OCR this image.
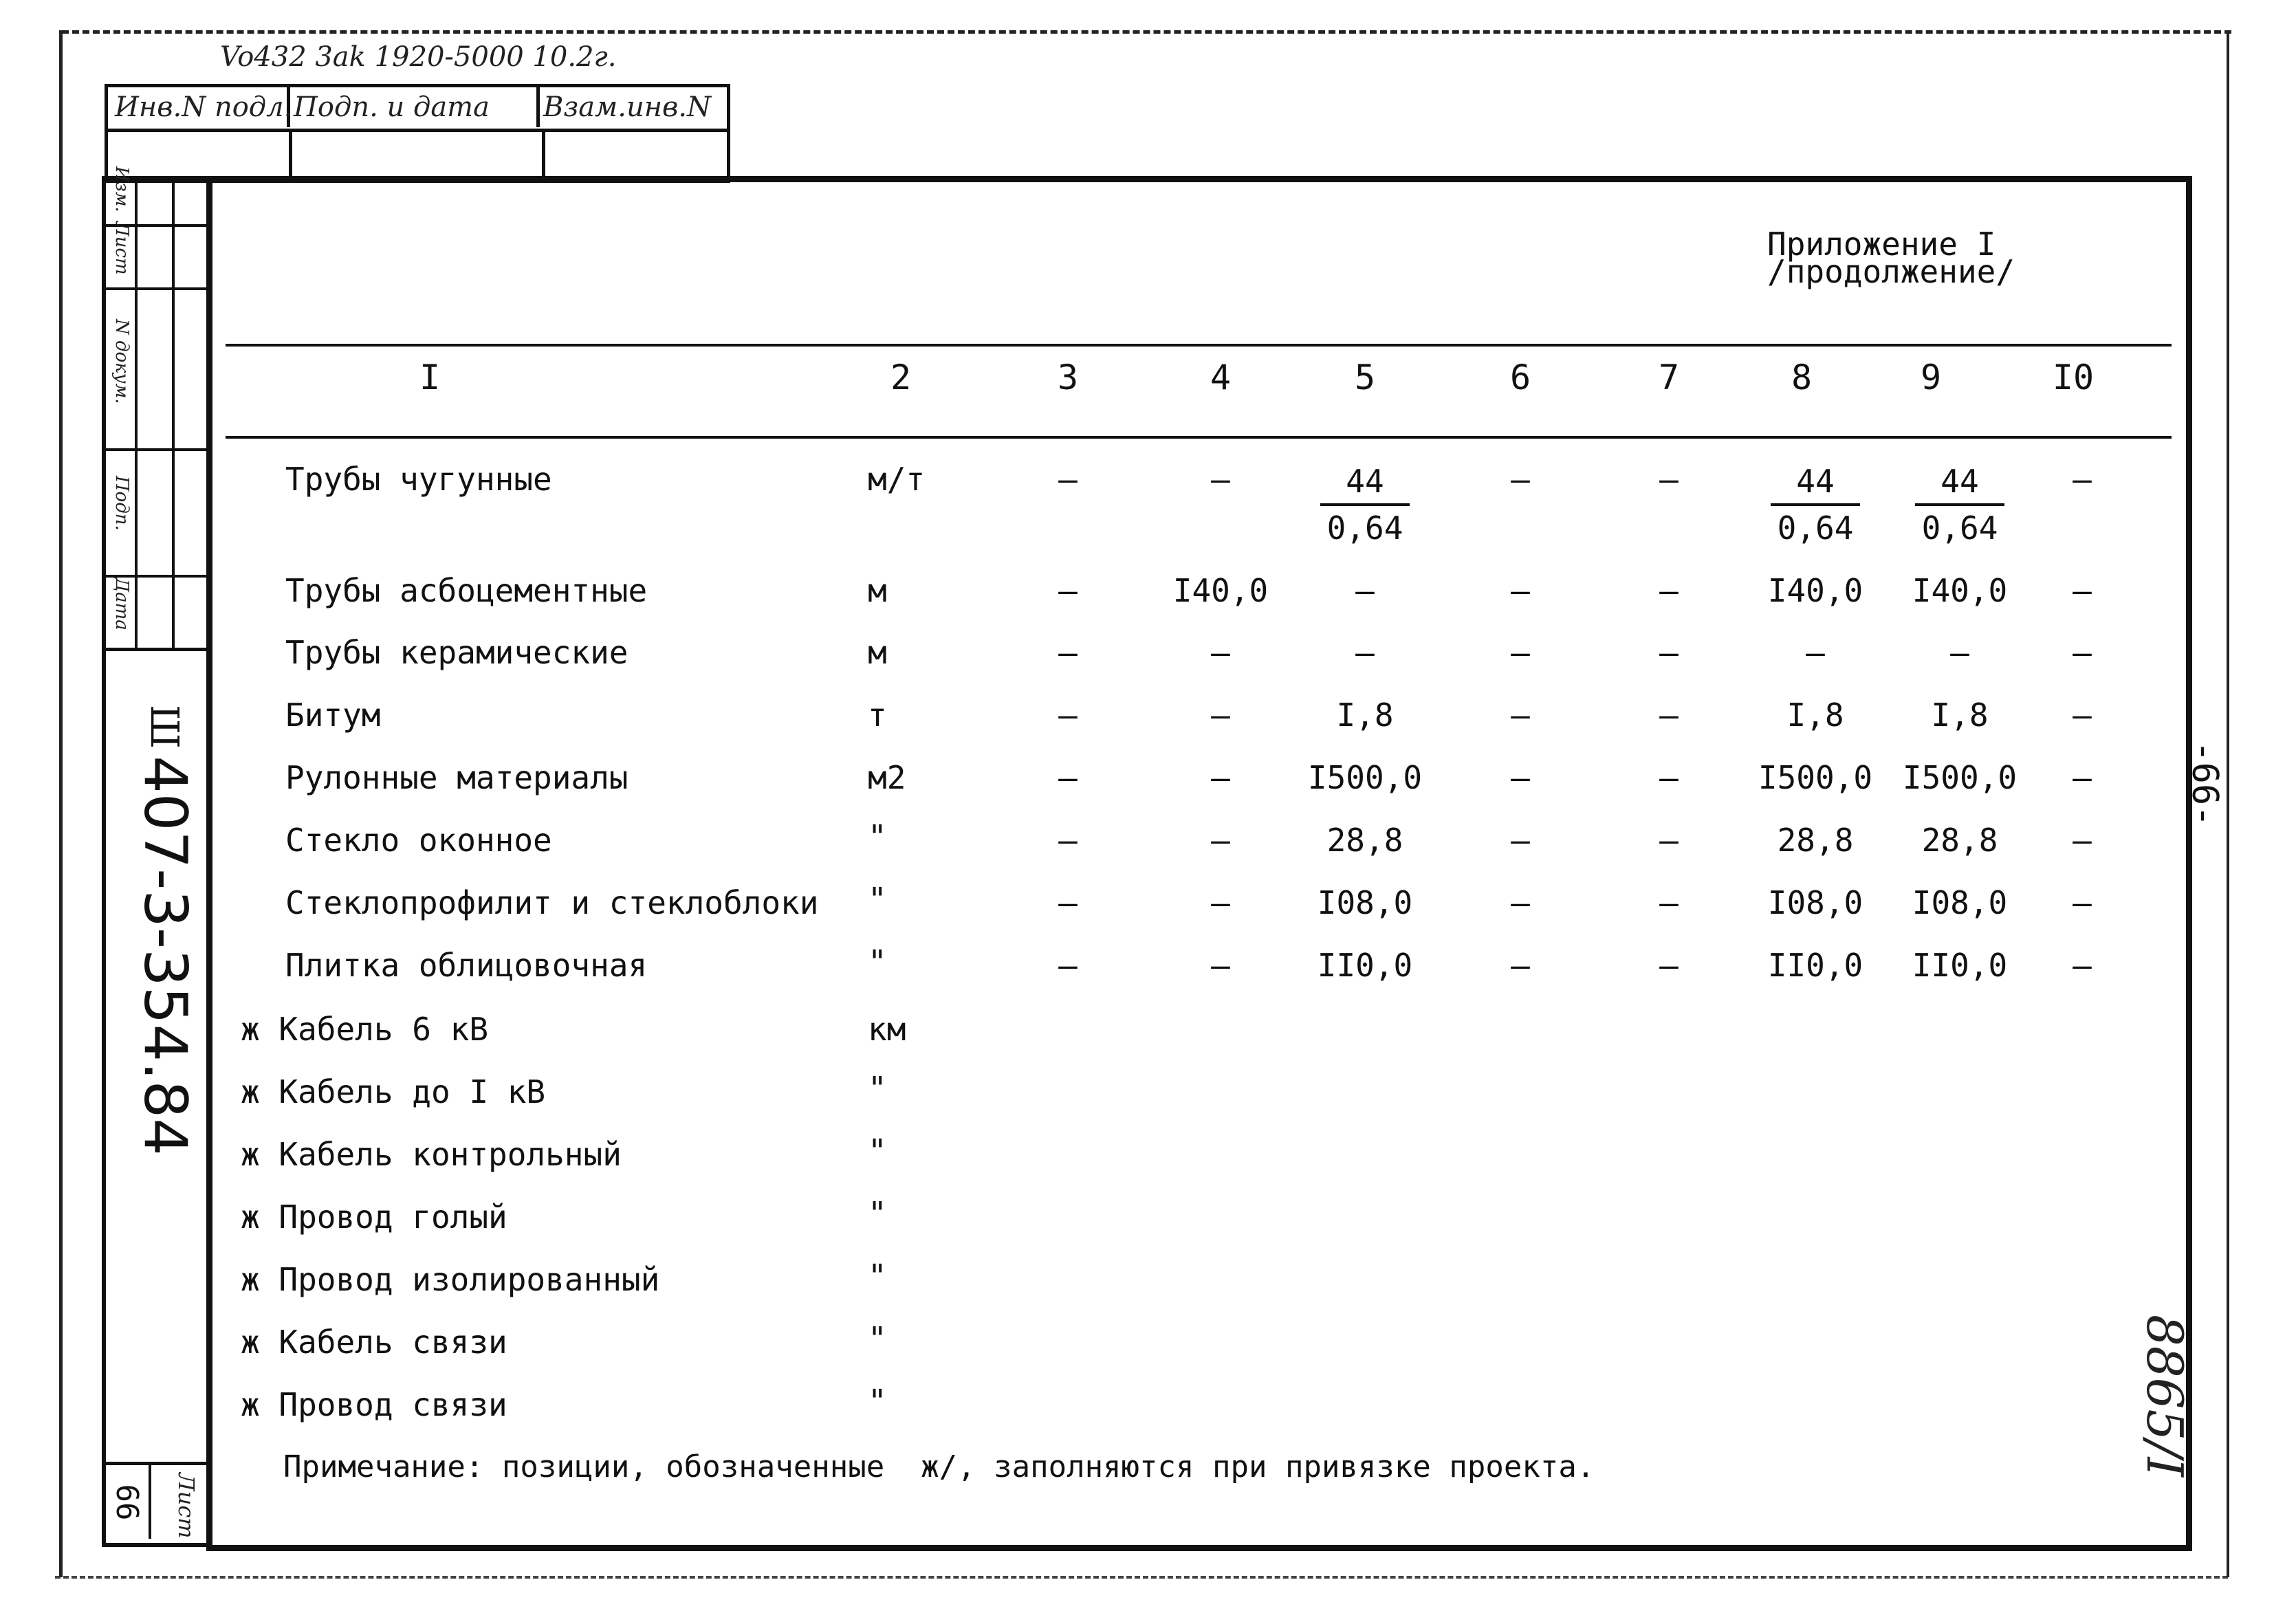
Vo432 3ak 1920-5000 10.2г.
Инв.N подл. Подп. и дата	Взам.инв.N
Изм.
Лист
N докум.
Подп.
Дата
Ш
407-3-354.84
Лист
66
Приложение I
/продолжение/
I	2	3	4	5	6	7	8	9	I0
Трубы чугунные	м/т	–	–	$\frac{44}{0,64}$	–	–	$\frac{44}{0,64} \frac{44}{0,64}$	–
Трубы асбоцементные	м	–	I40,0	–	–	–	I40,0	I40,0	–
Трубы керамические	м	–	–	–	–	–	–	–	–
Битум	т	–	–	I,8	–	–	I,8	I,8	–
Рулонные материалы	м2	–	–	I500,0	–	–	I500,0 I500,0	–
Стекло оконное	"	–	–	28,8	–	–	28,8	28,8	–
Стеклопрофилит и стеклоблоки "	–	–	I08,0	–	–	I08,0	I08,0	–
Плитка облицовочная	"	–	–	II0,0	–	–	II0,0	II0,0	–
ж Кабель 6 кВ	км
ж Кабель до I кВ	"
ж Кабель контрольный	"
ж Провод голый	"
ж Провод изолированный	"
ж Кабель связи	"
ж Провод связи	"
Примечание: позиции, обозначенные  ж/, заполняются при привязке проекта.
-66-
8865/I
